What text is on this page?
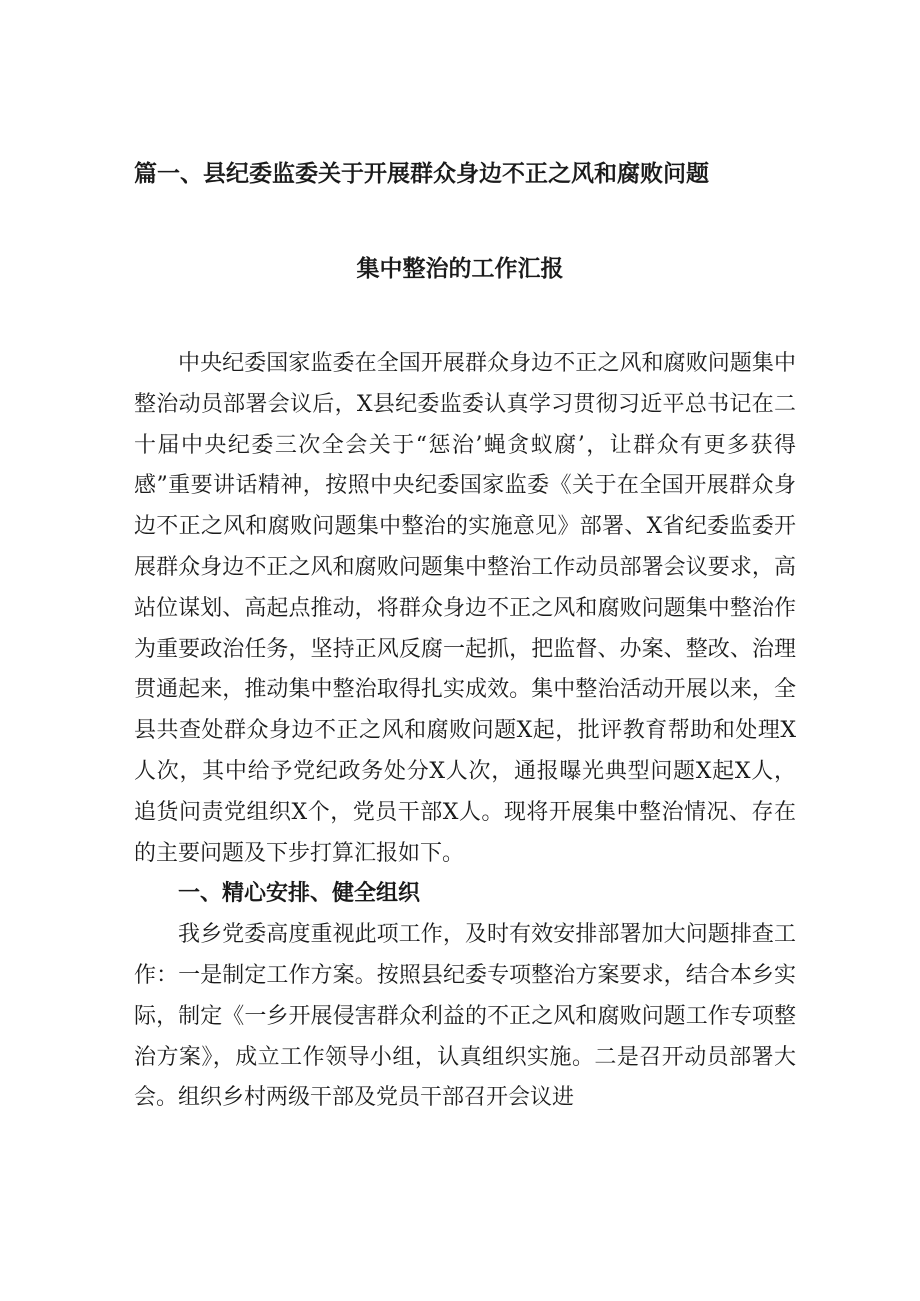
篇一、县纪委监委关于开展群众身边不正之风和腐败问题
集中整治的工作汇报

中央纪委国家监委在全国开展群众身边不正之风和腐败问题集中整治动员部署会议后，X县纪委监委认真学习贯彻习近平总书记在二十届中央纪委三次全会关于“惩治’蝇贪蚁腐’，让群众有更多获得感”重要讲话精神，按照中央纪委国家监委《关于在全国开展群众身边不正之风和腐败问题集中整治的实施意见》部署、X省纪委监委开展群众身边不正之风和腐败问题集中整治工作动员部署会议要求，高站位谋划、高起点推动，将群众身边不正之风和腐败问题集中整治作为重要政治任务，坚持正风反腐一起抓，把监督、办案、整改、治理贯通起来，推动集中整治取得扎实成效。集中整治活动开展以来，全县共查处群众身边不正之风和腐败问题X起，批评教育帮助和处理X人次，其中给予党纪政务处分X人次，通报曝光典型问题X起X人，追货问责党组织X个，党员干部X人。现将开展集中整治情况、存在的主要问题及下步打算汇报如下。

一、精心安排、健全组织

我乡党委高度重视此项工作，及时有效安排部署加大问题排查工作：一是制定工作方案。按照县纪委专项整治方案要求，结合本乡实际，制定《一乡开展侵害群众利益的不正之风和腐败问题工作专项整治方案》，成立工作领导小组，认真组织实施。二是召开动员部署大会。组织乡村两级干部及党员干部召开会议进
